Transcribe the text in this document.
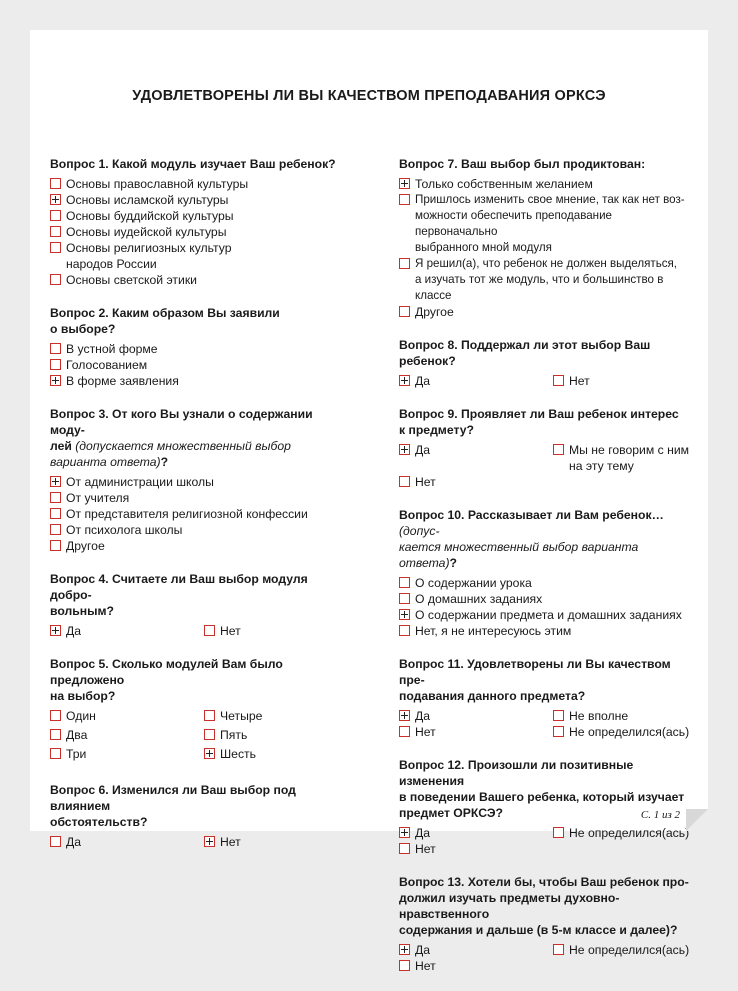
УДОВЛЕТВОРЕНЫ ЛИ ВЫ КАЧЕСТВОМ ПРЕПОДАВАНИЯ ОРКСЭ
Вопрос 1. Какой модуль изучает Ваш ребенок?
Основы православной культуры
Основы исламской культуры
Основы буддийской культуры
Основы иудейской культуры
Основы религиозных культур
народов России
Основы светской этики
Вопрос 2. Каким образом Вы заявили
о выборе?
В устной форме
Голосованием
В форме заявления
Вопрос 3. От кого Вы узнали о содержании моду-
лей (допускается множественный выбор варианта ответа)?
От администрации школы
От учителя
От представителя религиозной конфессии
От психолога школы
Другое
Вопрос 4. Считаете ли Ваш выбор модуля добро-
вольным?
Да	Нет
Вопрос 5. Сколько модулей Вам было предложено
на выбор?
Один	Четыре
Два	Пять
Три	Шесть
Вопрос 6. Изменился ли Ваш выбор под влиянием
обстоятельств?
Да	Нет
Вопрос 7. Ваш выбор был продиктован:
Только собственным желанием
Пришлось изменить свое мнение, так как нет воз-
можности обеспечить преподавание первоначально
выбранного мной модуля
Я решил(а), что ребенок не должен выделяться,
а изучать тот же модуль, что и большинство в классе
Другое
Вопрос 8. Поддержал ли этот выбор Ваш ребенок?
Да	Нет
Вопрос 9. Проявляет ли Ваш ребенок интерес
к предмету?
Да	Мы не говорим с ним
на эту тему
Нет
Вопрос 10. Рассказывает ли Вам ребенок… (допус-
кается множественный выбор варианта ответа)?
О содержании урока
О домашних заданиях
О содержании предмета и домашних заданиях
Нет, я не интересуюсь этим
Вопрос 11. Удовлетворены ли Вы качеством пре-
подавания данного предмета?
Да	Не вполне
Нет	Не определился(ась)
Вопрос 12. Произошли ли позитивные изменения
в поведении Вашего ребенка, который изучает
предмет ОРКСЭ?
Да	Не определился(ась)
Нет
Вопрос 13. Хотели бы, чтобы Ваш ребенок про-
должил изучать предметы духовно-нравственного
содержания и дальше (в 5-м классе и далее)?
Да	Не определился(ась)
Нет
С. 1 из 2
